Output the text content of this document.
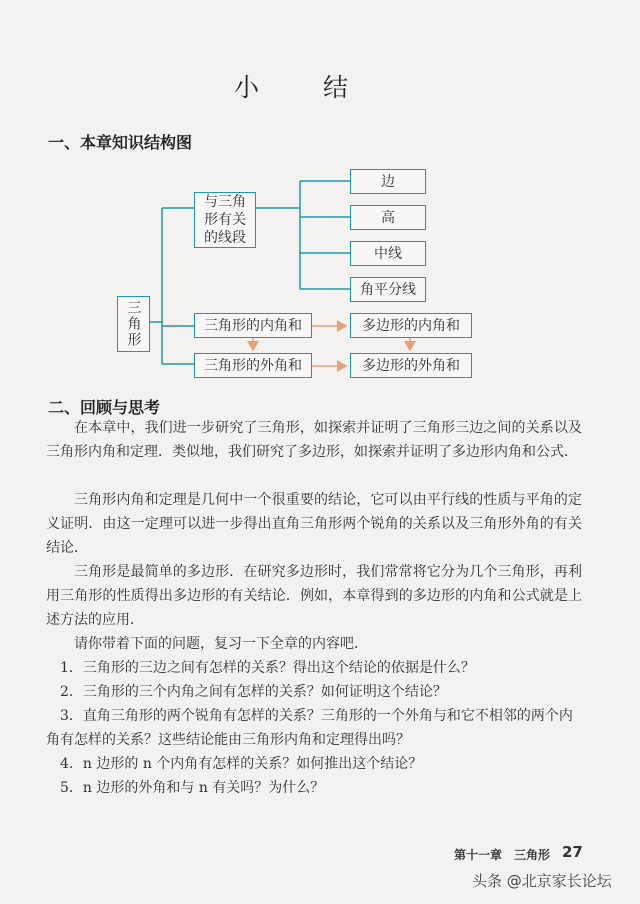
小 结
一、本章知识结构图
三角形
与三角形有关的线段
边
高
中线
角平分线
三角形的内角和	多边形的内角和
三角形的外角和	多边形的外角和
二、回顾与思考
在本章中，我们进一步研究了三角形，如探索并证明了三角形三边之间的关系以及三角形内角和定理．类似地，我们研究了多边形，如探索并证明了多边形内角和公式．
三角形内角和定理是几何中一个很重要的结论，它可以由平行线的性质与平角的定义证明．由这一定理可以进一步得出直角三角形两个锐角的关系以及三角形外角的有关结论．
三角形是最简单的多边形．在研究多边形时，我们常常将它分为几个三角形，再利用三角形的性质得出多边形的有关结论．例如，本章得到的多边形的内角和公式就是上述方法的应用．
请你带着下面的问题，复习一下全章的内容吧．
1．三角形的三边之间有怎样的关系？得出这个结论的依据是什么？
2．三角形的三个内角之间有怎样的关系？如何证明这个结论？
3．直角三角形的两个锐角有怎样的关系？三角形的一个外角与和它不相邻的两个内角有怎样的关系？这些结论能由三角形内角和定理得出吗？
4．n 边形的 n 个内角有怎样的关系？如何推出这个结论？
5．n 边形的外角和与 n 有关吗？为什么？
第十一章　三角形 27
头条 @北京家长论坛
